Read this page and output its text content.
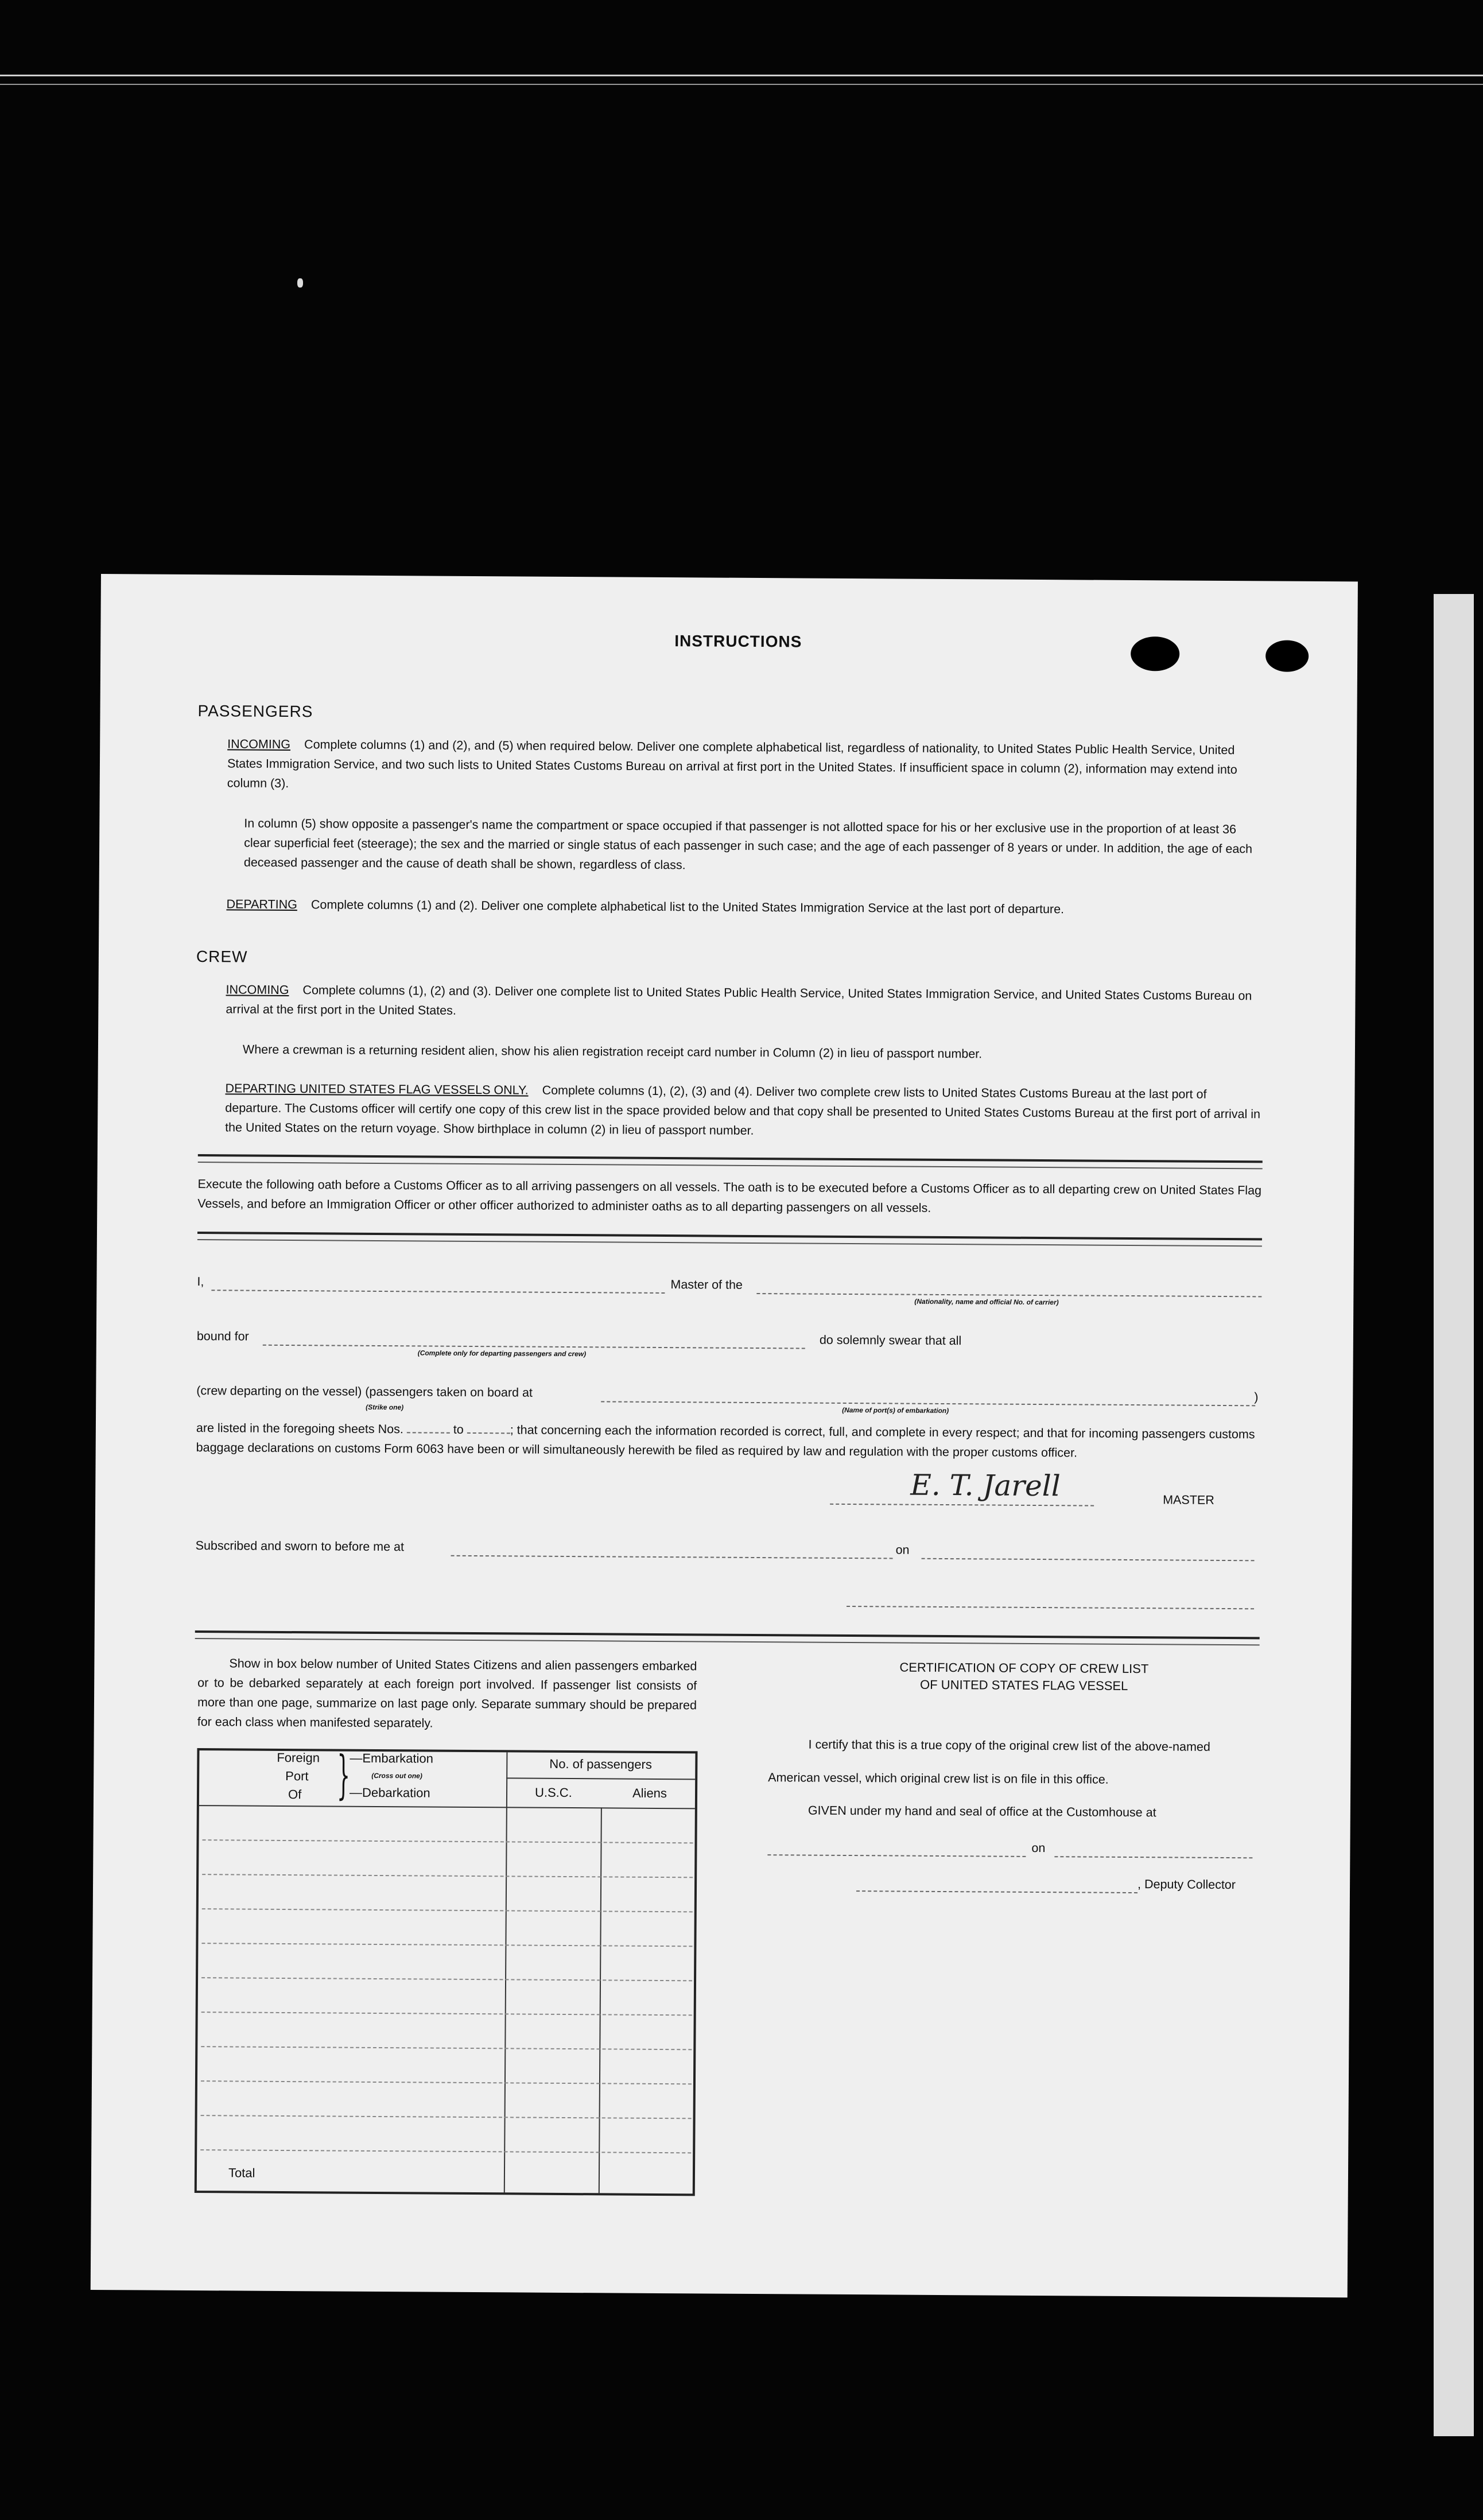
INSTRUCTIONS
PASSENGERS
INCOMING Complete columns (1) and (2), and (5) when required below. Deliver one complete alphabetical list, regardless of nationality, to United States Public Health Service, United States Immigration Service, and two such lists to United States Customs Bureau on arrival at first port in the United States. If insufficient space in column (2), information may extend into column (3).
In column (5) show opposite a passenger's name the compartment or space occupied if that passenger is not allotted space for his or her exclusive use in the proportion of at least 36 clear superficial feet (steerage); the sex and the married or single status of each passenger in such case; and the age of each passenger of 8 years or under. In addition, the age of each deceased passenger and the cause of death shall be shown, regardless of class.
DEPARTING Complete columns (1) and (2). Deliver one complete alphabetical list to the United States Immigration Service at the last port of departure.
CREW
INCOMING Complete columns (1), (2) and (3). Deliver one complete list to United States Public Health Service, United States Immigration Service, and United States Customs Bureau on arrival at the first port in the United States.
Where a crewman is a returning resident alien, show his alien registration receipt card number in Column (2) in lieu of passport number.
DEPARTING UNITED STATES FLAG VESSELS ONLY. Complete columns (1), (2), (3) and (4). Deliver two complete crew lists to United States Customs Bureau at the last port of departure. The Customs officer will certify one copy of this crew list in the space provided below and that copy shall be presented to United States Customs Bureau at the first port of arrival in the United States on the return voyage. Show birthplace in column (2) in lieu of passport number.
Execute the following oath before a Customs Officer as to all arriving passengers on all vessels. The oath is to be executed before a Customs Officer as to all departing crew on United States Flag Vessels, and before an Immigration Officer or other officer authorized to administer oaths as to all departing passengers on all vessels.
I,	Master of the
(Nationality, name and official No. of carrier)
bound for
(Complete only for departing passengers and crew)
do solemnly swear that all
(crew departing on the vessel) (passengers taken on board at
(Strike one)	(Name of port(s) of embarkation)
)
are listed in the foregoing sheets Nos.	to	; that concerning each the information recorded is correct, full, and complete in every respect; and that for incoming passengers customs baggage declarations on customs Form 6063 have been or will simultaneously herewith be filed as required by law and regulation with the proper customs officer.
E. T. Jarell	MASTER
Subscribed and sworn to before me at	on
Show in box below number of United States Citizens and alien passengers embarked or to be debarked separately at each foreign port involved. If passenger list consists of more than one page, summarize on last page only. Separate summary should be prepared for each class when manifested separately.
Foreign
Port
Of }
—Embarkation
(Cross out one)
—Debarkation
No. of passengers
U.S.C.	Aliens
Total
CERTIFICATION OF COPY OF CREW LIST
OF UNITED STATES FLAG VESSEL
I certify that this is a true copy of the original crew list of the above-named
American vessel, which original crew list is on file in this office.
GIVEN under my hand and seal of office at the Customhouse at
on
, Deputy Collector
